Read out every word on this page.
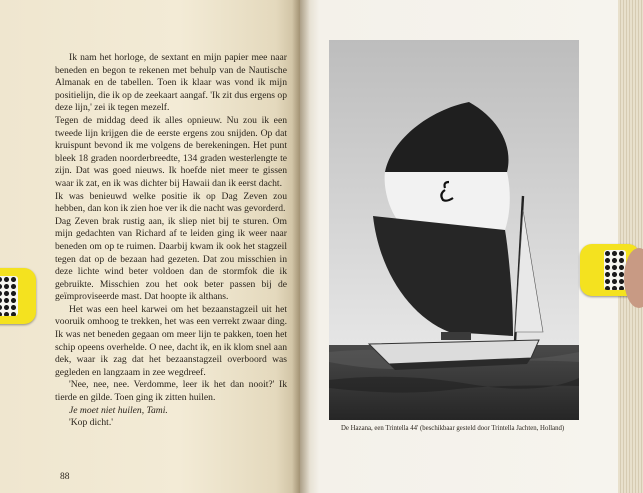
Ik nam het horloge, de sextant en mijn papier mee naar beneden en begon te rekenen met behulp van de Nautische Almanak en de tabellen. Toen ik klaar was vond ik mijn positielijn, die ik op de zeekaart aangaf. 'Ik zit dus ergens op deze lijn,' zei ik tegen mezelf.

Tegen de middag deed ik alles opnieuw. Nu zou ik een tweede lijn krijgen die de eerste ergens zou snijden. Op dat kruispunt bevond ik me volgens de berekeningen. Het punt bleek 18 graden noorderbreedte, 134 graden westerlengte te zijn. Dat was goed nieuws. Ik hoefde niet meer te gissen waar ik zat, en ik was dichter bij Hawaii dan ik eerst dacht.

Ik was benieuwd welke positie ik op Dag Zeven zou hebben, dan kon ik zien hoe ver ik die nacht was gevorderd.

Dag Zeven brak rustig aan, ik sliep niet bij te sturen. Om mijn gedachten van Richard af te leiden ging ik weer naar beneden om op te ruimen. Daarbij kwam ik ook het stagzeil tegen dat op de bezaan had gezeten. Dat zou misschien in deze lichte wind beter voldoen dan de stormfok die ik gebruikte. Misschien zou het ook beter passen bij de geïmproviseerde mast. Dat hoopte ik althans.

Het was een heel karwei om het bezaanstagzeil uit het vooruik omhoog te trekken, het was een verrekt zwaar ding. Ik was net beneden gegaan om meer lijn te pakken, toen het schip opeens overhelde. O nee, dacht ik, en ik klom snel aan dek, waar ik zag dat het bezaanstagzeil overboord was gegleden en langzaam in zee wegdreef.

'Nee, nee, nee. Verdomme, leer ik het dan nooit?' Ik tierde en gilde. Toen ging ik zitten huilen.

Je moet niet huilen, Tami.

'Kop dicht.'

88
De Hazana, een Trintella 44' (beschikbaar gesteld door Trintella Jachten, Holland)
